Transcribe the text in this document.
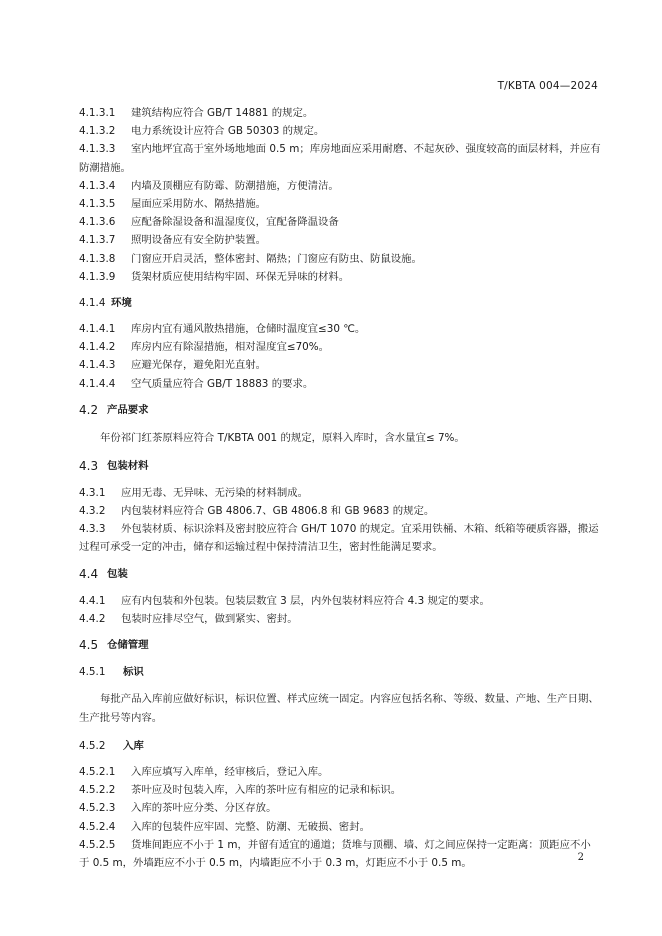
T/KBTA 004—2024
4.1.3.1	建筑结构应符合 GB/T 14881 的规定。
4.1.3.2	电力系统设计应符合 GB 50303 的规定。
4.1.3.3	室内地坪宜高于室外场地地面 0.5 m；库房地面应采用耐磨、不起灰砂、强度较高的面层材料，并应有防潮措施。
4.1.3.4	内墙及顶棚应有防霉、防潮措施，方便清洁。
4.1.3.5	屋面应采用防水、隔热措施。
4.1.3.6	应配备除湿设备和温湿度仪，宜配备降温设备
4.1.3.7	照明设备应有安全防护装置。
4.1.3.8	门窗应开启灵活，整体密封、隔热；门窗应有防虫、防鼠设施。
4.1.3.9	货架材质应使用结构牢固、环保无异味的材料。
4.1.4 环境
4.1.4.1	库房内宜有通风散热措施，仓储时温度宜≤30 ℃。
4.1.4.2	库房内应有除湿措施，相对湿度宜≤70%。
4.1.4.3	应避光保存，避免阳光直射。
4.1.4.4	空气质量应符合 GB/T 18883 的要求。
4.2 产品要求

年份祁门红茶原料应符合 T/KBTA 001 的规定，原料入库时，含水量宜≤ 7%。

4.3 包装材料
4.3.1	应用无毒、无异味、无污染的材料制成。
4.3.2	内包装材料应符合 GB 4806.7、GB 4806.8 和 GB 9683 的规定。
4.3.3	外包装材质、标识涂料及密封胶应符合 GH/T 1070 的规定。宜采用铁桶、木箱、纸箱等硬质容器，搬运过程可承受一定的冲击，储存和运输过程中保持清洁卫生，密封性能满足要求。
4.4 包装
4.4.1	应有内包装和外包装。包装层数宜 3 层，内外包装材料应符合 4.3 规定的要求。
4.4.2	包装时应排尽空气，做到紧实、密封。
4.5 仓储管理
4.5.1 标识

每批产品入库前应做好标识，标识位置、样式应统一固定。内容应包括名称、等级、数量、产地、生产日期、生产批号等内容。

4.5.2 入库
4.5.2.1	入库应填写入库单，经审核后，登记入库。
4.5.2.2	茶叶应及时包装入库，入库的茶叶应有相应的记录和标识。
4.5.2.3	入库的茶叶应分类、分区存放。
4.5.2.4	入库的包装件应牢固、完整、防潮、无破损、密封。
4.5.2.5	货堆间距应不小于 1 m，并留有适宜的通道；货堆与顶棚、墙、灯之间应保持一定距离：顶距应不小于 0.5 m，外墙距应不小于 0.5 m，内墙距应不小于 0.3 m，灯距应不小于 0.5 m。	2
